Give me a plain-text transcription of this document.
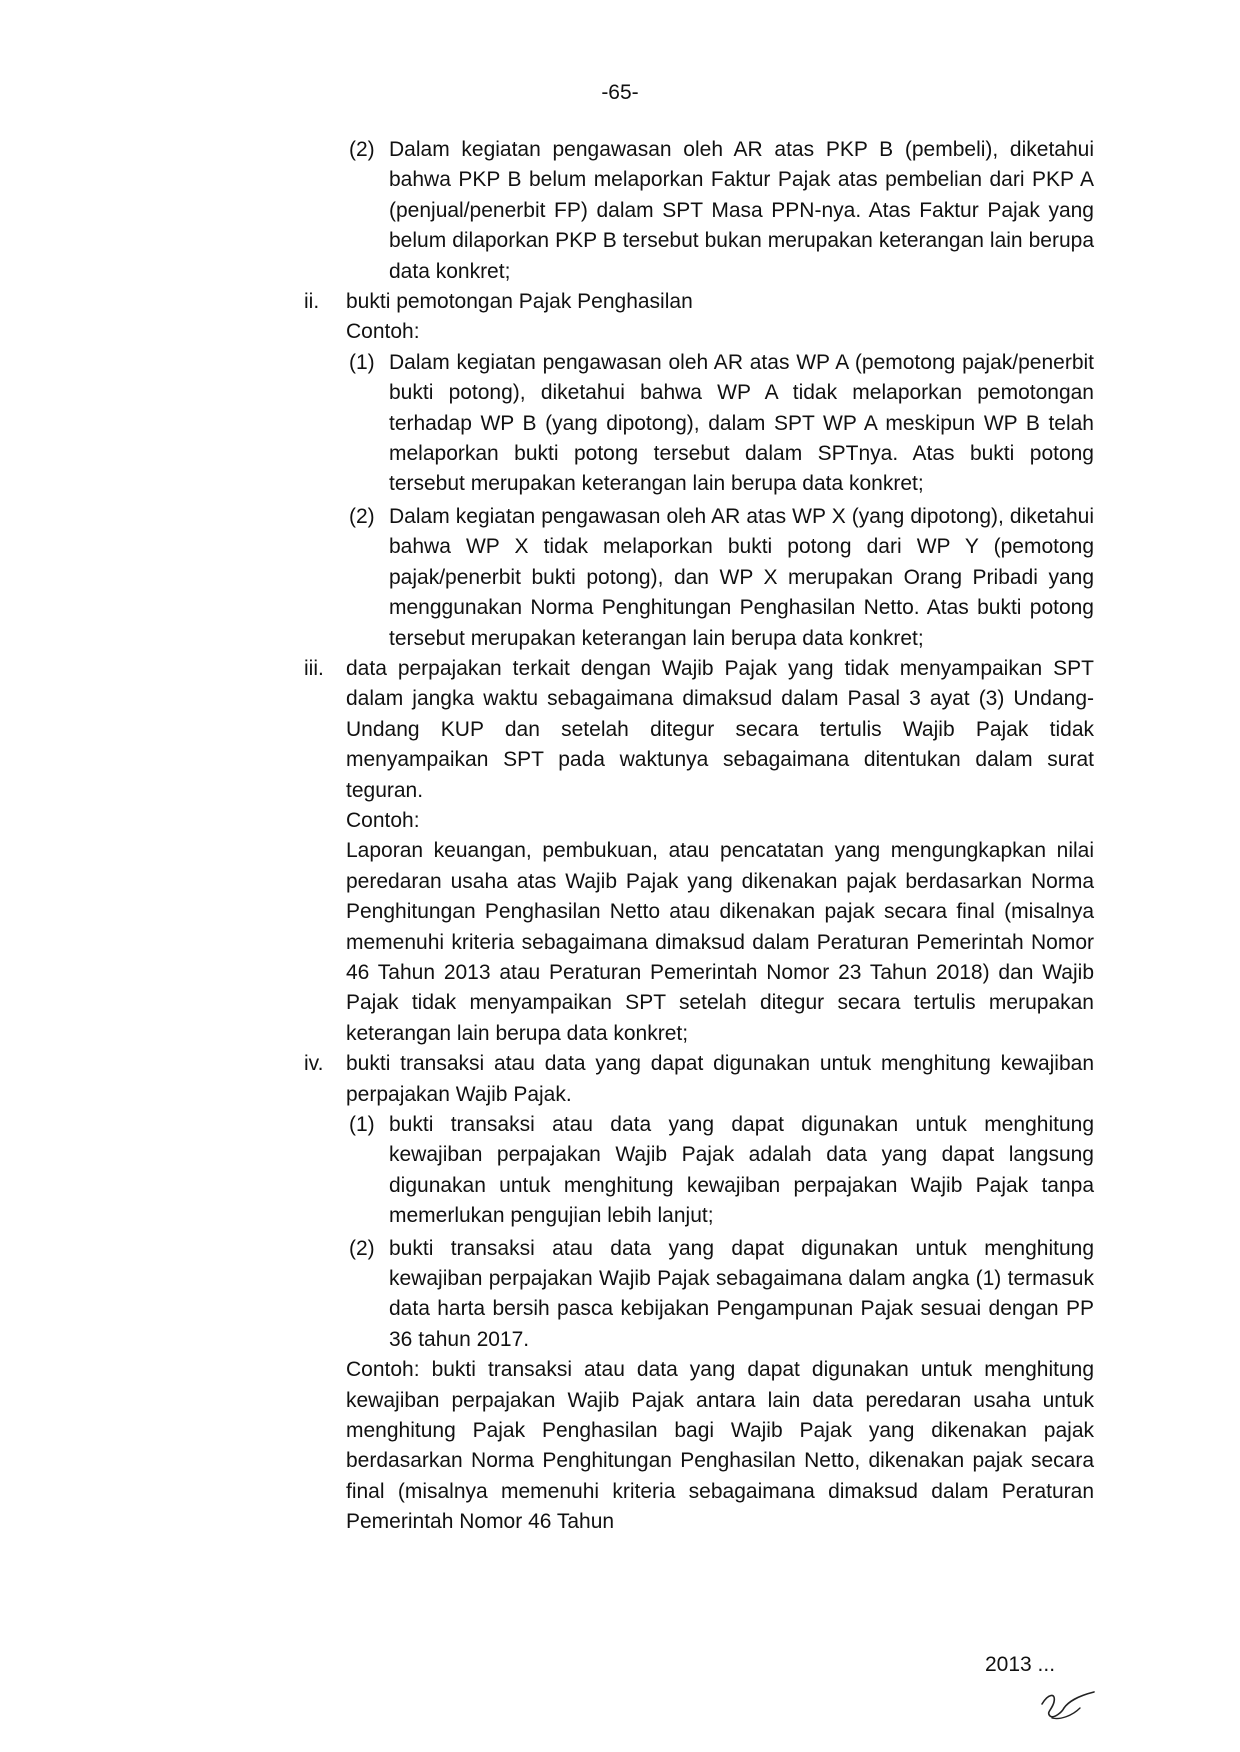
-65-
(2) Dalam kegiatan pengawasan oleh AR atas PKP B (pembeli), diketahui bahwa PKP B belum melaporkan Faktur Pajak atas pembelian dari PKP A (penjual/penerbit FP) dalam SPT Masa PPN-nya. Atas Faktur Pajak yang belum dilaporkan PKP B tersebut bukan merupakan keterangan lain berupa data konkret;
ii. bukti pemotongan Pajak Penghasilan
Contoh:
(1) Dalam kegiatan pengawasan oleh AR atas WP A (pemotong pajak/penerbit bukti potong), diketahui bahwa WP A tidak melaporkan pemotongan terhadap WP B (yang dipotong), dalam SPT WP A meskipun WP B telah melaporkan bukti potong tersebut dalam SPTnya. Atas bukti potong tersebut merupakan keterangan lain berupa data konkret;
(2) Dalam kegiatan pengawasan oleh AR atas WP X (yang dipotong), diketahui bahwa WP X tidak melaporkan bukti potong dari WP Y (pemotong pajak/penerbit bukti potong), dan WP X merupakan Orang Pribadi yang menggunakan Norma Penghitungan Penghasilan Netto. Atas bukti potong tersebut merupakan keterangan lain berupa data konkret;
iii. data perpajakan terkait dengan Wajib Pajak yang tidak menyampaikan SPT dalam jangka waktu sebagaimana dimaksud dalam Pasal 3 ayat (3) Undang-Undang KUP dan setelah ditegur secara tertulis Wajib Pajak tidak menyampaikan SPT pada waktunya sebagaimana ditentukan dalam surat teguran.
Contoh:
Laporan keuangan, pembukuan, atau pencatatan yang mengungkapkan nilai peredaran usaha atas Wajib Pajak yang dikenakan pajak berdasarkan Norma Penghitungan Penghasilan Netto atau dikenakan pajak secara final (misalnya memenuhi kriteria sebagaimana dimaksud dalam Peraturan Pemerintah Nomor 46 Tahun 2013 atau Peraturan Pemerintah Nomor 23 Tahun 2018) dan Wajib Pajak tidak menyampaikan SPT setelah ditegur secara tertulis merupakan keterangan lain berupa data konkret;
iv. bukti transaksi atau data yang dapat digunakan untuk menghitung kewajiban perpajakan Wajib Pajak.
(1) bukti transaksi atau data yang dapat digunakan untuk menghitung kewajiban perpajakan Wajib Pajak adalah data yang dapat langsung digunakan untuk menghitung kewajiban perpajakan Wajib Pajak tanpa memerlukan pengujian lebih lanjut;
(2) bukti transaksi atau data yang dapat digunakan untuk menghitung kewajiban perpajakan Wajib Pajak sebagaimana dalam angka (1) termasuk data harta bersih pasca kebijakan Pengampunan Pajak sesuai dengan PP 36 tahun 2017.
Contoh: bukti transaksi atau data yang dapat digunakan untuk menghitung kewajiban perpajakan Wajib Pajak antara lain data peredaran usaha untuk menghitung Pajak Penghasilan bagi Wajib Pajak yang dikenakan pajak berdasarkan Norma Penghitungan Penghasilan Netto, dikenakan pajak secara final (misalnya memenuhi kriteria sebagaimana dimaksud dalam Peraturan Pemerintah Nomor 46 Tahun
2013 ...
